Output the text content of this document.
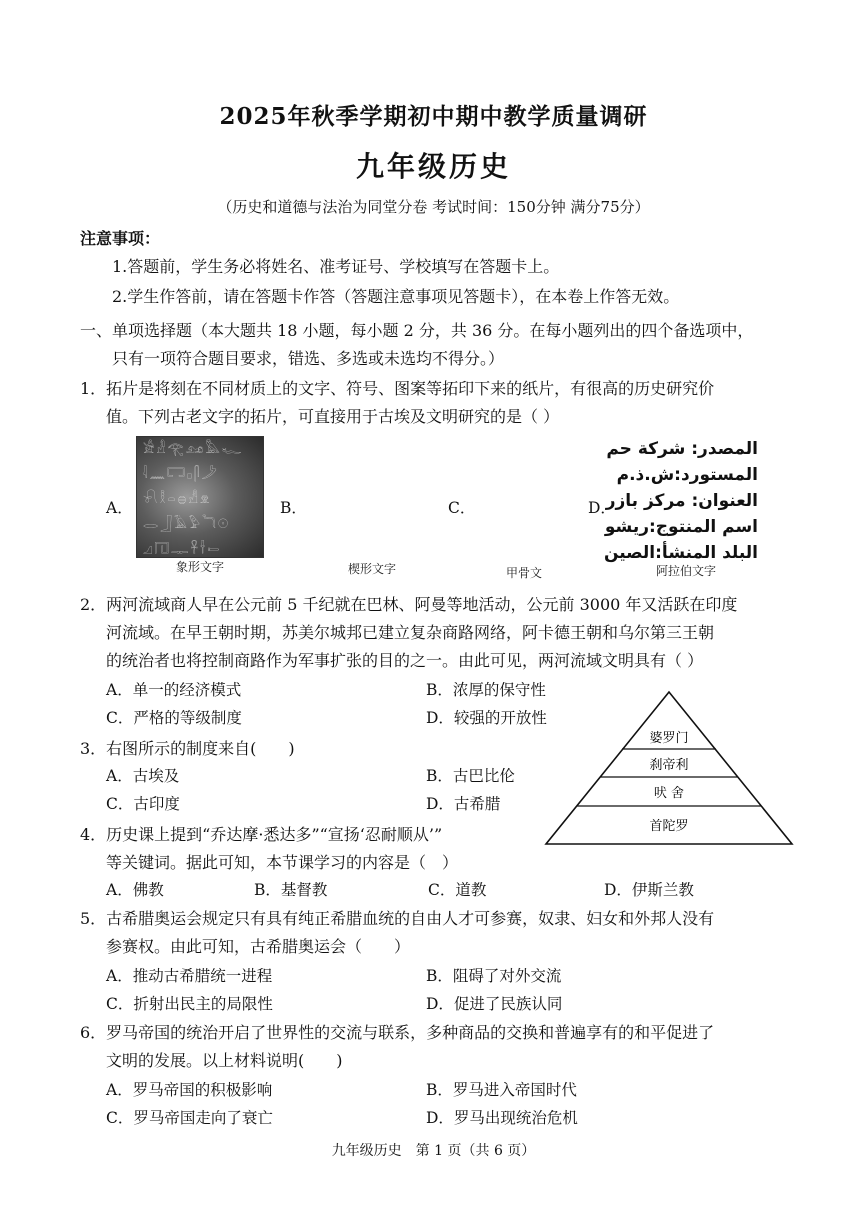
2025年秋季学期初中期中教学质量调研
九年级历史
（历史和道德与法治为同堂分卷 考试时间：150分钟 满分75分）
注意事项：
1.答题前，学生务必将姓名、准考证号、学校填写在答题卡上。
2.学生作答前，请在答题卡作答（答题注意事项见答题卡），在本卷上作答无效。
一、单项选择题（本大题共 18 小题，每小题 2 分，共 36 分。在每小题列出的四个备选项中，
只有一项符合题目要求，错选、多选或未选均不得分。）
1．拓片是将刻在不同材质上的文字、符号、图案等拓印下来的纸片，有很高的历史研究价
值。下列古老文字的拓片，可直接用于古埃及文明研究的是（ ）
A．
𓀀𓁐𓂀𓃭𓅓𓆑
𓇋𓈖𓉐𓊪𓋴𓌳
𓍯𓎛𓏏𓐍𓀭𓁷
𓂋𓃀𓄿𓅱𓆓𓇳
𓈎𓉔𓊃𓋹𓌂𓍿
B．	C．	D．
المصدر: شركة حم
المستورد:ش.ذ.م
العنوان: مركز بازر
اسم المنتوج:ريشو
البلد المنشأ:الصين
象形文字	楔形文字	甲骨文	阿拉伯文字
2．两河流域商人早在公元前 5 千纪就在巴林、阿曼等地活动，公元前 3000 年又活跃在印度
河流域。在早王朝时期，苏美尔城邦已建立复杂商路网络，阿卡德王朝和乌尔第三王朝
的统治者也将控制商路作为军事扩张的目的之一。由此可见，两河流域文明具有（ ）
A．单一的经济模式	B．浓厚的保守性
C．严格的等级制度	D．较强的开放性
婆罗门
刹帝利
吠 舍
首陀罗
3．右图所示的制度来自(　　)
A．古埃及	B．古巴比伦
C．古印度	D．古希腊
4．历史课上提到“乔达摩·悉达多”“宣扬‘忍耐顺从’”
等关键词。据此可知，本节课学习的内容是（　）
A．佛教	B．基督教	C．道教	D．伊斯兰教
5．古希腊奥运会规定只有具有纯正希腊血统的自由人才可参赛，奴隶、妇女和外邦人没有
参赛权。由此可知，古希腊奥运会（　　）
A．推动古希腊统一进程	B．阻碍了对外交流
C．折射出民主的局限性	D．促进了民族认同
6．罗马帝国的统治开启了世界性的交流与联系，多种商品的交换和普遍享有的和平促进了
文明的发展。以上材料说明(　　)
A．罗马帝国的积极影响	B．罗马进入帝国时代
C．罗马帝国走向了衰亡	D．罗马出现统治危机
九年级历史　第 1 页（共 6 页）
